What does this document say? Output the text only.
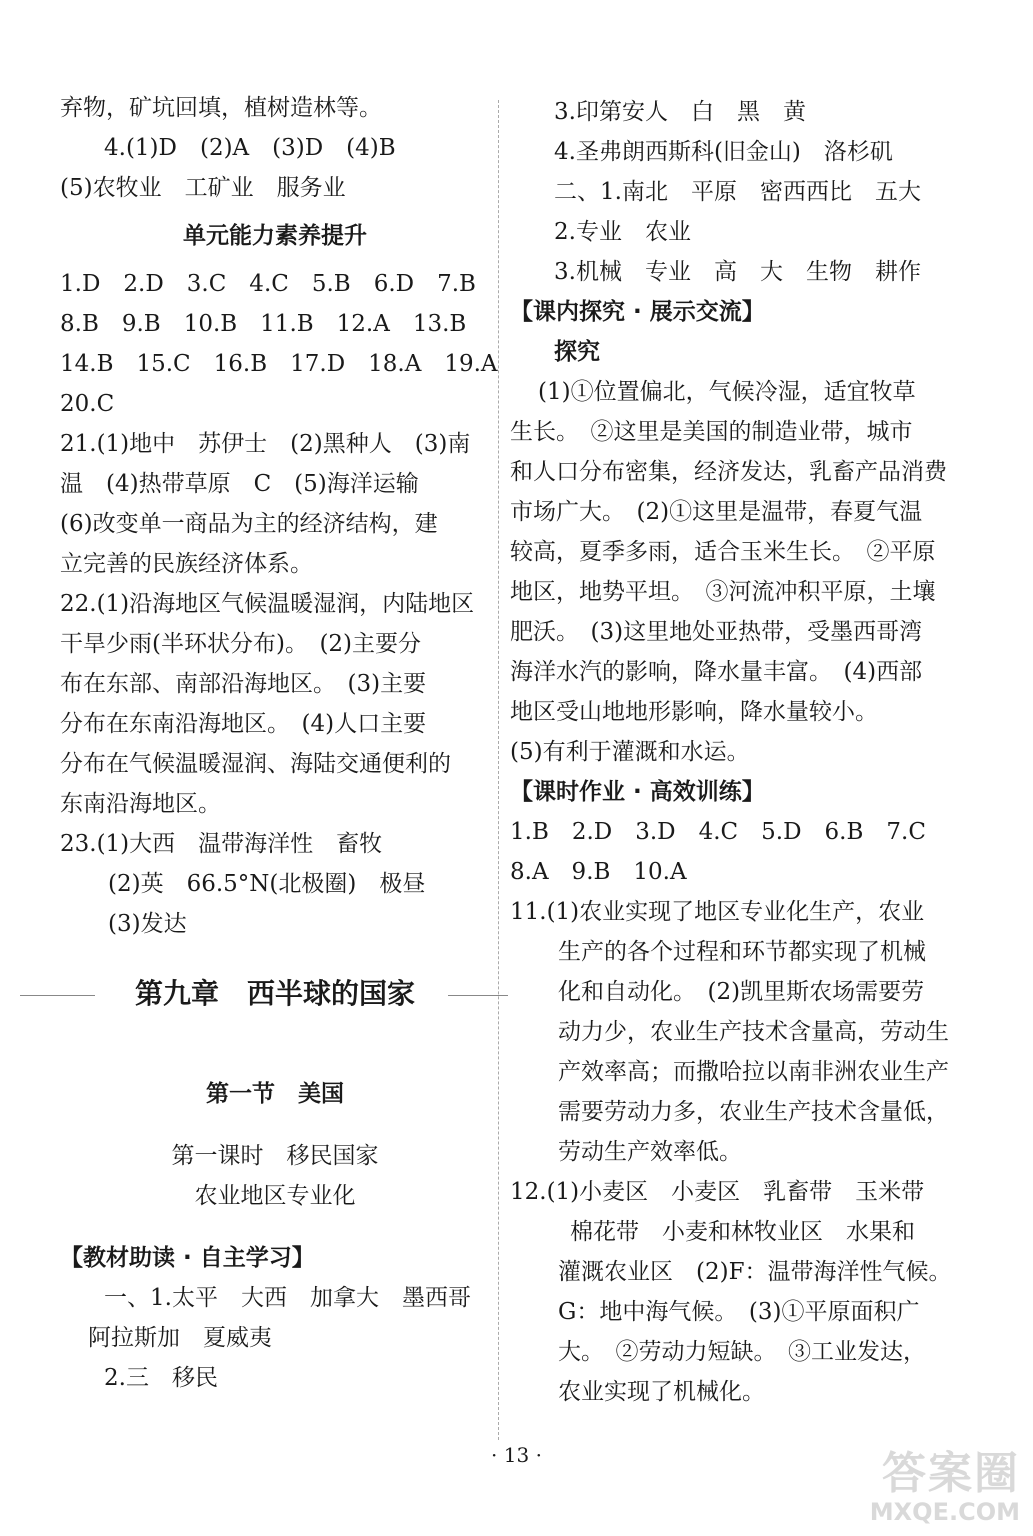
弃物，矿坑回填，植树造林等。
4.(1)D　(2)A　(3)D　(4)B
(5)农牧业　工矿业　服务业
单元能力素养提升
1.D　2.D　3.C　4.C　5.B　6.D　7.B
8.B　9.B　10.B　11.B　12.A　13.B
14.B　15.C　16.B　17.D　18.A　19.A
20.C
21.(1)地中　苏伊士　(2)黑种人　(3)南
温　(4)热带草原　C　(5)海洋运输
(6)改变单一商品为主的经济结构，建
立完善的民族经济体系。
22.(1)沿海地区气候温暖湿润，内陆地区
干旱少雨(半环状分布)。　(2)主要分
布在东部、南部沿海地区。　(3)主要
分布在东南沿海地区。　(4)人口主要
分布在气候温暖湿润、海陆交通便利的
东南沿海地区。
23.(1)大西　温带海洋性　畜牧
(2)英　66.5°N(北极圈)　极昼
(3)发达
第九章　西半球的国家
第一节　美国
第一课时　移民国家
农业地区专业化
【教材助读 · 自主学习】
一、1.太平　大西　加拿大　墨西哥
阿拉斯加　夏威夷
2.三　移民
3.印第安人　白　黑　黄
4.圣弗朗西斯科(旧金山)　洛杉矶
二、1.南北　平原　密西西比　五大
2.专业　农业
3.机械　专业　高　大　生物　耕作
【课内探究 · 展示交流】
探究
(1)①位置偏北，气候冷湿，适宜牧草
生长。　②这里是美国的制造业带，城市
和人口分布密集，经济发达，乳畜产品消费
市场广大。　(2)①这里是温带，春夏气温
较高，夏季多雨，适合玉米生长。　②平原
地区，地势平坦。　③河流冲积平原，土壤
肥沃。　(3)这里地处亚热带，受墨西哥湾
海洋水汽的影响，降水量丰富。　(4)西部
地区受山地地形影响，降水量较小。
(5)有利于灌溉和水运。
【课时作业 · 高效训练】
1.B　2.D　3.D　4.C　5.D　6.B　7.C
8.A　9.B　10.A
11.(1)农业实现了地区专业化生产，农业
生产的各个过程和环节都实现了机械
化和自动化。　(2)凯里斯农场需要劳
动力少，农业生产技术含量高，劳动生
产效率高；而撒哈拉以南非洲农业生产
需要劳动力多，农业生产技术含量低，
劳动生产效率低。
12.(1)小麦区　小麦区　乳畜带　玉米带
棉花带　小麦和林牧业区　水果和
灌溉农业区　(2)F：温带海洋性气候。
G：地中海气候。　(3)①平原面积广
大。　②劳动力短缺。　③工业发达，
农业实现了机械化。
· 13 ·	答案圈
MXQE.COM
